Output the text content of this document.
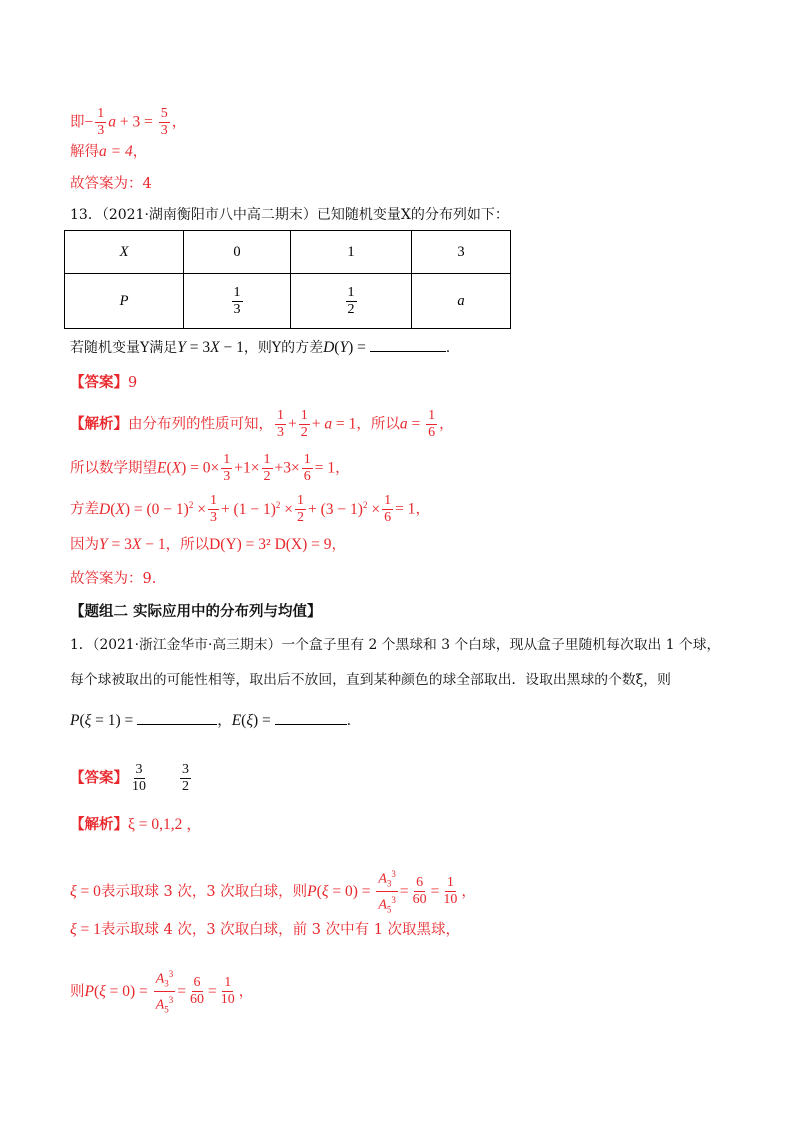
即− $\frac{1}{3}$ $a + 3 = \frac{5}{3}$ ，
解得a = 4，
故答案为：4
13．（2021·湖南衡阳市八中高二期末）已知随机变量X的分布列如下：
X	0	1	3
P	$\frac{1}{3}$	$\frac{1}{2}$	a
若随机变量Y满足Y = 3X − 1，则Y的方差D(Y) =	.
【答案】9
【解析】由分布列的性质可知， $\frac{1}{3} + \frac{1}{2} + a = 1$，所以$a = \frac{1}{6}$ ，
所以数学期望$E(X) = 0\times \frac{1}{3} +1\times \frac{1}{2} +3\times \frac{1}{6} = 1$，
方差$D(X) = (0 - 1)^2 \times \frac{1}{3} + (1 - 1)^2 \times \frac{1}{2} + (3 - 1)^2 \times \frac{1}{6} = 1$，
因为Y = 3X − 1，所以D(Y) = 3² D(X) = 9，
故答案为：9.
【题组二 实际应用中的分布列与均值】
1．（2021·浙江金华市·高三期末）一个盒子里有 2 个黑球和 3 个白球，现从盒子里随机每次取出 1 个球，
每个球被取出的可能性相等，取出后不放回，直到某种颜色的球全部取出．设取出黑球的个数ξ，则
P(ξ = 1) =	，E(ξ) =	．
【答案】 $\frac{3}{10} \frac{3}{2}$
【解析】ξ = 0,1,2 ，
ξ = 0表示取球 3 次，3 次取白球，则$P(\xi = 0) = \frac{A_3^3}{A_5^3} = \frac{6}{60} = \frac{1}{10}$ ，
ξ = 1表示取球 4 次，3 次取白球，前 3 次中有 1 次取黑球，
则$P(\xi = 0) = \frac{A_3^3}{A_5^3} = \frac{6}{60} = \frac{1}{10}$ ，
